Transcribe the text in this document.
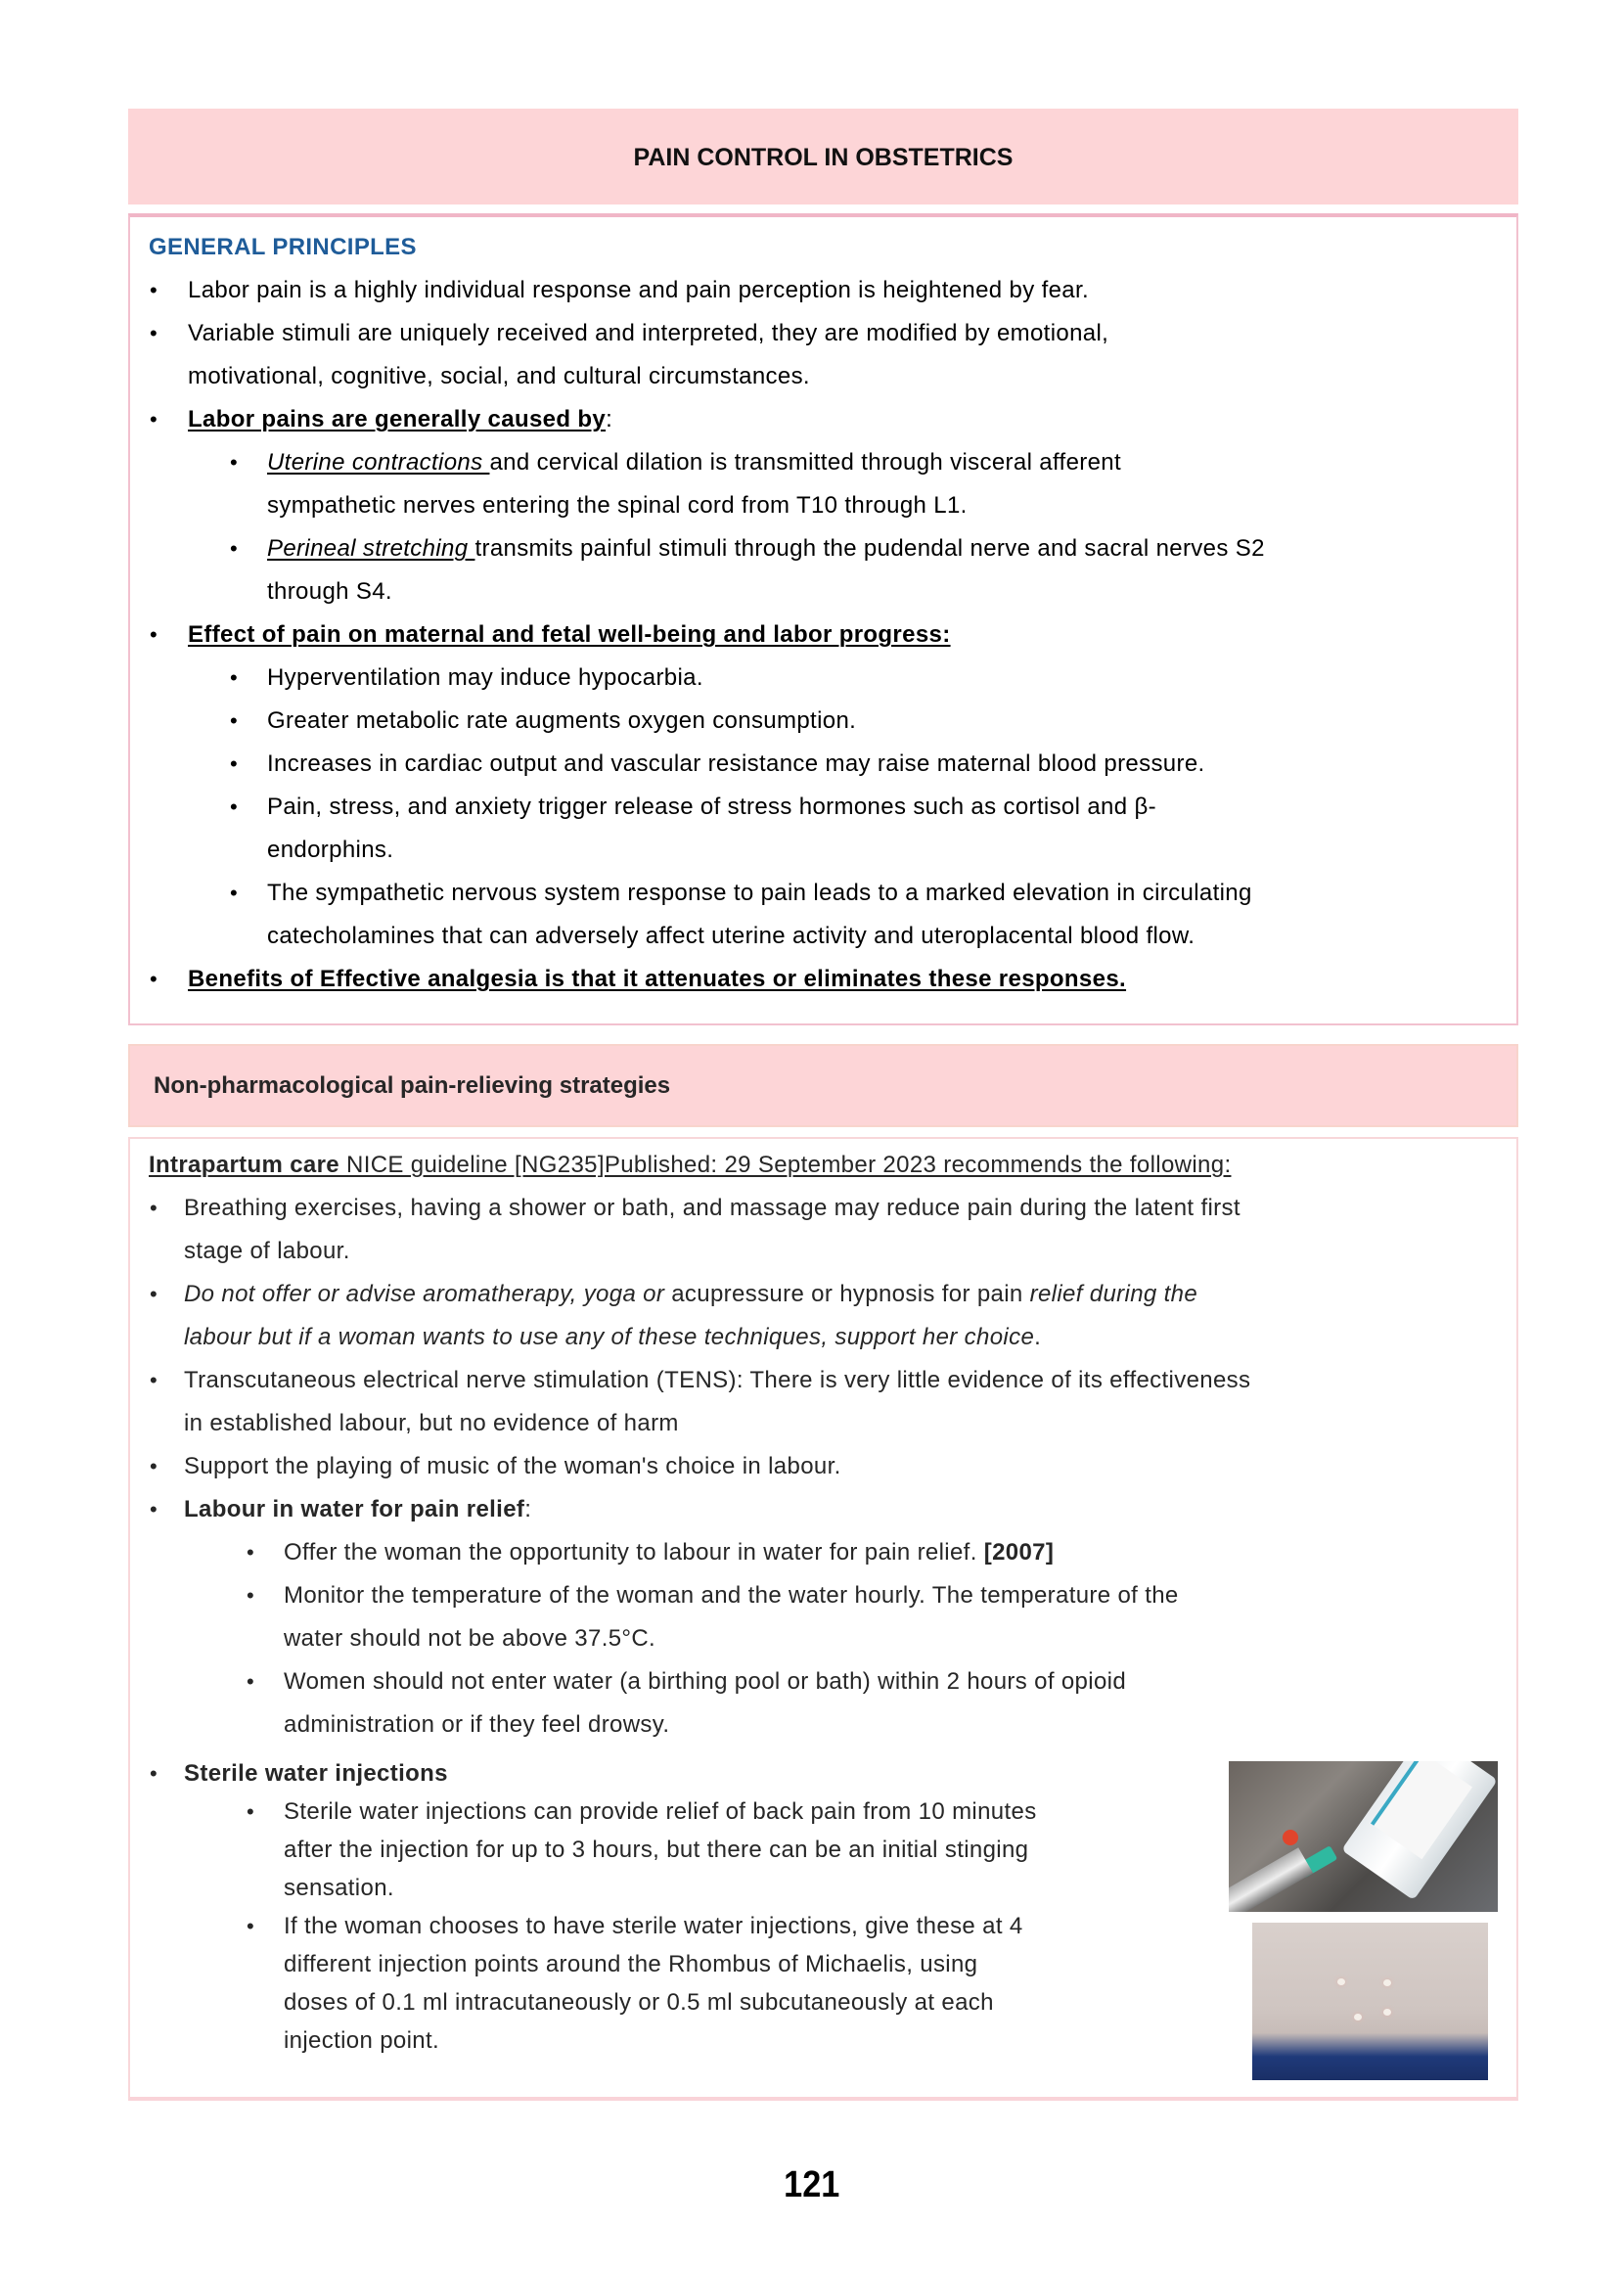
PAIN CONTROL IN OBSTETRICS
GENERAL PRINCIPLES
•
Labor pain is a highly individual response and pain perception is heightened by fear.
•
Variable stimuli are uniquely received and interpreted, they are modified by emotional,
motivational, cognitive, social, and cultural circumstances.
•
Labor pains are generally caused by:
•
Uterine contractions and cervical dilation is transmitted through visceral afferent
sympathetic nerves entering the spinal cord from T10 through L1.
•
Perineal stretching transmits painful stimuli through the pudendal nerve and sacral nerves S2
through S4.
•
Effect of pain on maternal and fetal well-being and labor progress:
•
Hyperventilation may induce hypocarbia.
•
Greater metabolic rate augments oxygen consumption.
•
Increases in cardiac output and vascular resistance may raise maternal blood pressure.
•
Pain, stress, and anxiety trigger release of stress hormones such as cortisol and β-
endorphins.
•
The sympathetic nervous system response to pain leads to a marked elevation in circulating
catecholamines that can adversely affect uterine activity and uteroplacental blood flow.
•
Benefits of Effective analgesia is that it attenuates or eliminates these responses.
Non-pharmacological pain-relieving strategies
Intrapartum care NICE guideline [NG235]Published: 29 September 2023 recommends the following:
•
Breathing exercises, having a shower or bath, and massage may reduce pain during the latent first
stage of labour.
•
Do not offer or advise aromatherapy, yoga or acupressure or hypnosis for pain relief during the
labour but if a woman wants to use any of these techniques, support her choice.
•
Transcutaneous electrical nerve stimulation (TENS): There is very little evidence of its effectiveness
in established labour, but no evidence of harm
•
Support the playing of music of the woman's choice in labour.
•
Labour in water for pain relief:
•
Offer the woman the opportunity to labour in water for pain relief. [2007]
•
Monitor the temperature of the woman and the water hourly. The temperature of the
water should not be above 37.5°C.
•
Women should not enter water (a birthing pool or bath) within 2 hours of opioid
administration or if they feel drowsy.
•
Sterile water injections
•
Sterile water injections can provide relief of back pain from 10 minutes
after the injection for up to 3 hours, but there can be an initial stinging
sensation.
•
If the woman chooses to have sterile water injections, give these at 4
different injection points around the Rhombus of Michaelis, using
doses of 0.1 ml intracutaneously or 0.5 ml subcutaneously at each
injection point.
121
